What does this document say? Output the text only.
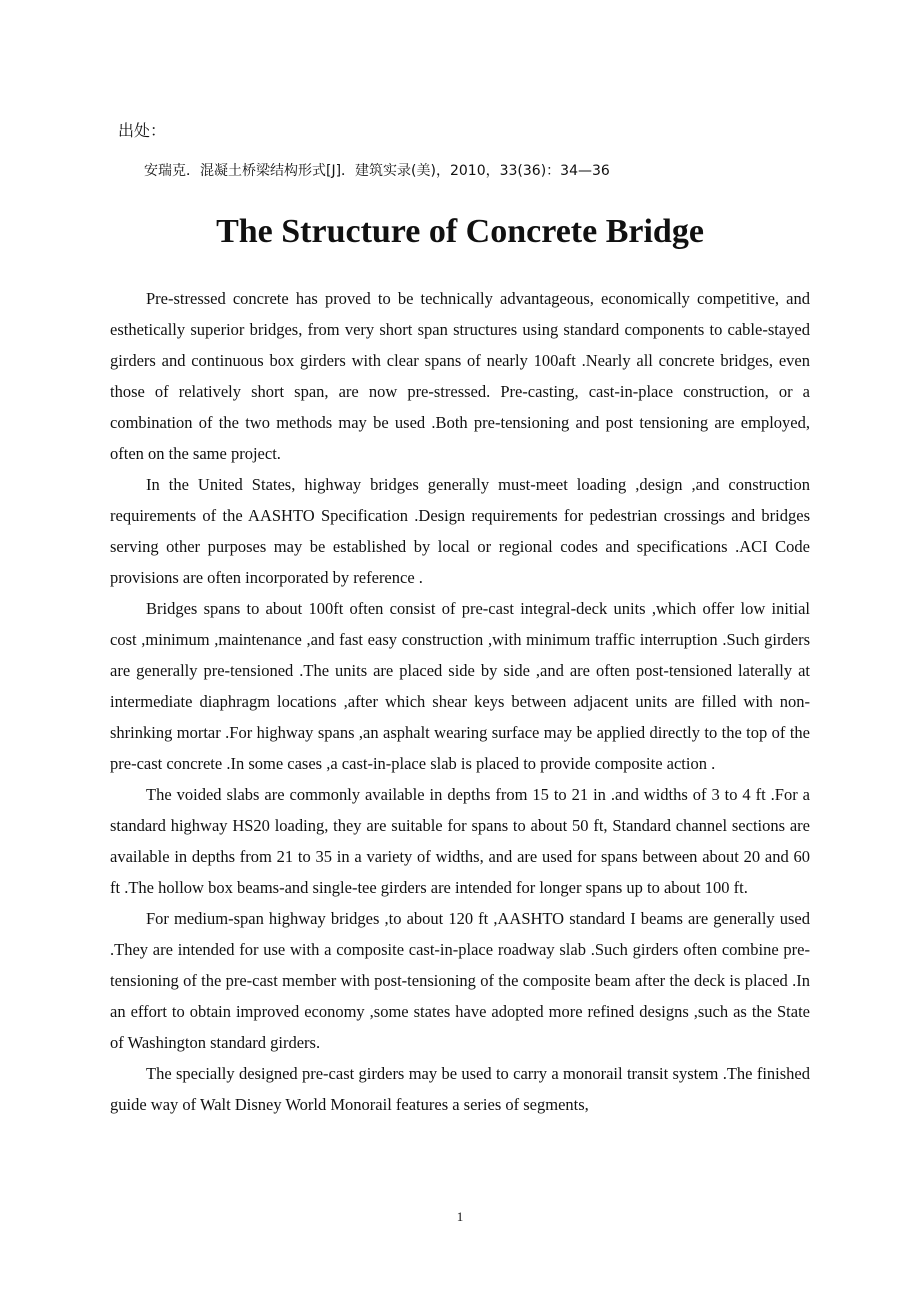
出处：
安瑞克．混凝土桥梁结构形式[J]．建筑实录(美)，2010，33(36)：34—36
The Structure of Concrete Bridge

Pre-stressed concrete has proved to be technically advantageous, economically competitive, and esthetically superior bridges, from very short span structures using standard components to cable-stayed girders and continuous box girders with clear spans of nearly 100aft .Nearly all concrete bridges, even those of relatively short span, are now pre-stressed. Pre-casting, cast-in-place construction, or a combination of the two methods may be used .Both pre-tensioning and post tensioning are employed, often on the same project.

In the United States, highway bridges generally must-meet loading ,design ,and construction requirements of the AASHTO Specification .Design requirements for pedestrian crossings and bridges serving other purposes may be established by local or regional codes and specifications .ACI Code provisions are often incorporated by reference .

Bridges spans to about 100ft often consist of pre-cast integral-deck units ,which offer low initial cost ,minimum ,maintenance ,and fast easy construction ,with minimum traffic interruption .Such girders are generally pre-tensioned .The units are placed side by side ,and are often post-tensioned laterally at intermediate diaphragm locations ,after which shear keys between adjacent units are filled with non-shrinking mortar .For highway spans ,an asphalt wearing surface may be applied directly to the top of the pre-cast concrete .In some cases ,a cast-in-place slab is placed to provide composite action .

The voided slabs are commonly available in depths from 15 to 21 in .and widths of 3 to 4 ft .For a standard highway HS20 loading, they are suitable for spans to about 50 ft, Standard channel sections are available in depths from 21 to 35 in a variety of widths, and are used for spans between about 20 and 60 ft .The hollow box beams-and single-tee girders are intended for longer spans up to about 100 ft.

For medium-span highway bridges ,to about 120 ft ,AASHTO standard I beams are generally used .They are intended for use with a composite cast-in-place roadway slab .Such girders often combine pre-tensioning of the pre-cast member with post-tensioning of the composite beam after the deck is placed .In an effort to obtain improved economy ,some states have adopted more refined designs ,such as the State of Washington standard girders.

The specially designed pre-cast girders may be used to carry a monorail transit system .The finished guide way of Walt Disney World Monorail features a series of segments,

1
